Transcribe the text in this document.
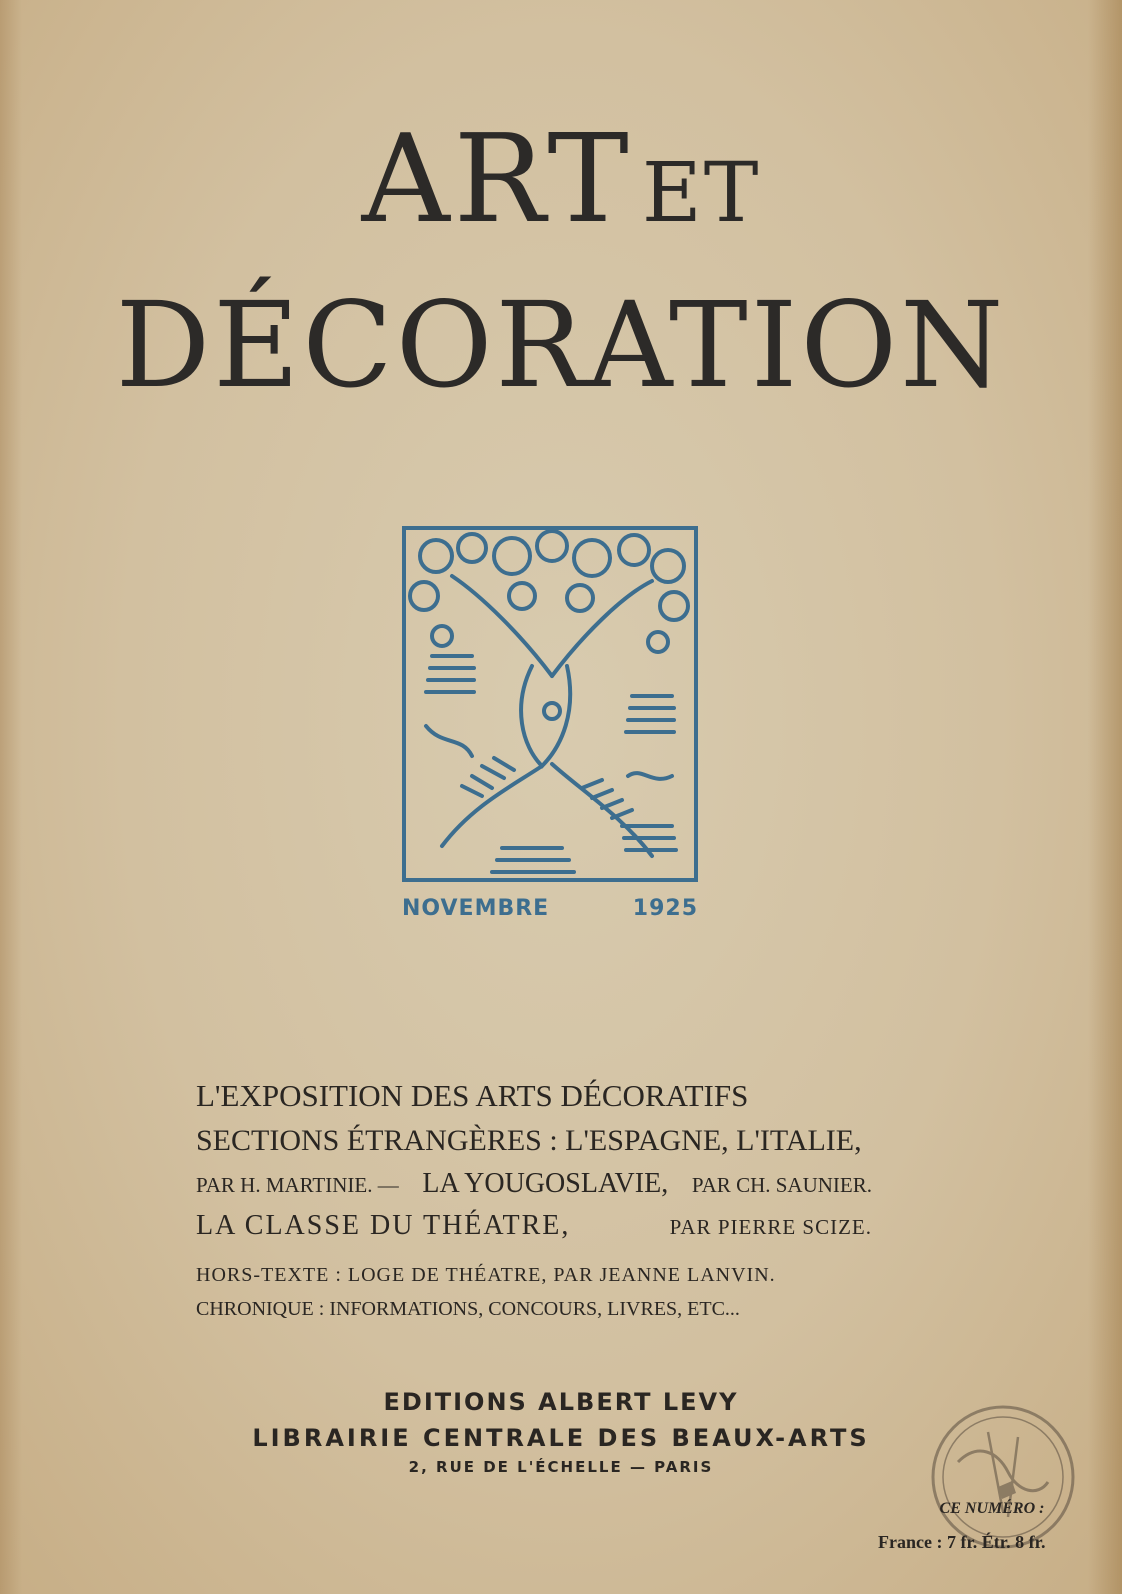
ART ET
DÉCORATION
NOVEMBRE	1925
L'EXPOSITION DES ARTS DÉCORATIFS
SECTIONS ÉTRANGÈRES : L'ESPAGNE, L'ITALIE,
PAR H. MARTINIE. — LA YOUGOSLAVIE, PAR CH. SAUNIER.
LA CLASSE DU THÉATRE,	PAR PIERRE SCIZE.
HORS-TEXTE : LOGE DE THÉATRE, PAR JEANNE LANVIN.
CHRONIQUE : INFORMATIONS, CONCOURS, LIVRES, ETC...
EDITIONS ALBERT LEVY
LIBRAIRIE CENTRALE DES BEAUX-ARTS
2, RUE DE L'ÉCHELLE — PARIS
CE NUMÉRO :
France : 7 fr. Étr. 8 fr.
